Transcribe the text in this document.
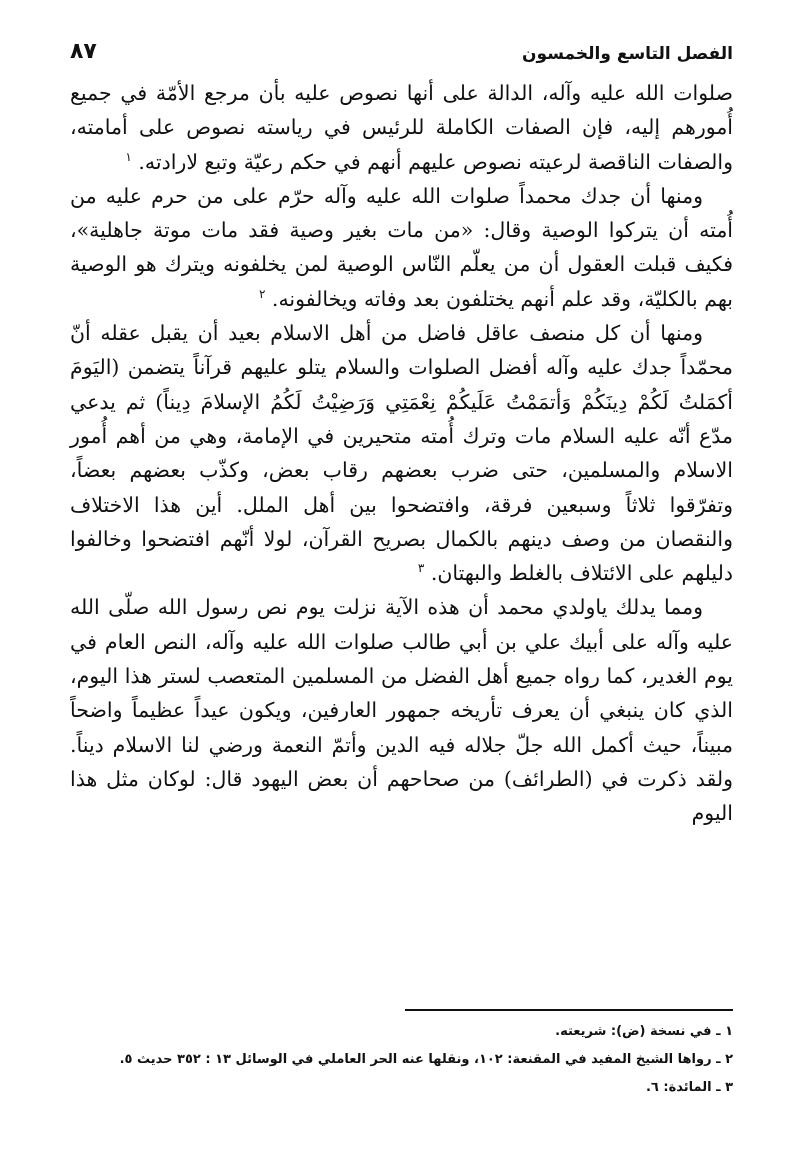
الفصل التاسع والخمسون
٨٧

صلوات الله عليه وآله، الدالة على أنها نصوص عليه بأن مرجع الأمّة في جميع أُمورهم إليه، فإن الصفات الكاملة للرئيس في رياسته نصوص على أمامته، والصفات الناقصة لرعيته نصوص عليهم أنهم في حكم رعيّة وتبع لارادته. $^١$

ومنها أن جدك محمداً صلوات الله عليه وآله حرّم على من حرم عليه من أُمته أن يتركوا الوصية وقال: «من مات بغير وصية فقد مات موتة جاهلية»، فكيف قبلت العقول أن من يعلّم النّاس الوصية لمن يخلفونه ويترك هو الوصية بهم بالكليّة، وقد علم أنهم يختلفون بعد وفاته ويخالفونه. $^٢$

ومنها أن كل منصف عاقل فاضل من أهل الاسلام بعيد أن يقبل عقله أنّ محمّداً جدك عليه وآله أفضل الصلوات والسلام يتلو عليهم قرآناً يتضمن (اليَومَ أكمَلتُ لَكُمْ دِينَكُمْ وَأتمَمْتُ عَلَيكُمْ نِعْمَتِي وَرَضِيْتُ لَكُمُ الإسلامَ دِيناً) ثم يدعي مدّع أنّه عليه السلام مات وترك أُمته متحيرين في الإمامة، وهي من أهم أُمور الاسلام والمسلمين، حتى ضرب بعضهم رقاب بعض، وكذّب بعضهم بعضاً، وتفرّقوا ثلاثاً وسبعين فرقة، وافتضحوا بين أهل الملل. أين هذا الاختلاف والنقصان من وصف دينهم بالكمال بصريح القرآن، لولا أنّهم افتضحوا وخالفوا دليلهم على الائتلاف بالغلط والبهتان. $^٣$

ومما يدلك ياولدي محمد أن هذه الآية نزلت يوم نص رسول الله صلّى الله عليه وآله على أبيك علي بن أبي طالب صلوات الله عليه وآله، النص العام في يوم الغدير، كما رواه جميع أهل الفضل من المسلمين المتعصب لستر هذا اليوم، الذي كان ينبغي أن يعرف تأريخه جمهور العارفين، ويكون عيداً عظيماً واضحاً مبيناً، حيث أكمل الله جلّ جلاله فيه الدين وأتمّ النعمة ورضي لنا الاسلام ديناً. ولقد ذكرت في (الطرائف) من صحاحهم أن بعض اليهود قال: لوكان مثل هذا اليوم

١ ـ في نسخة (ض): شريعته.
٢ ـ رواها الشيخ المفيد في المقنعة: ١٠٢، ونقلها عنه الحر العاملي في الوسائل ١٣ : ٣٥٢ حديث ٥.
٣ ـ المائدة: ٦.
